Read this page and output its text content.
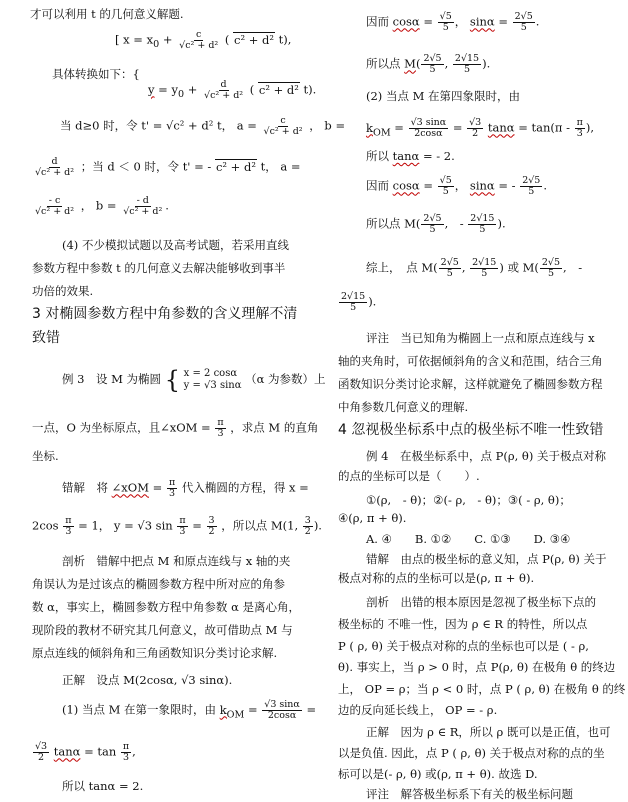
才可以利用 t 的几何意义解题.
[ $x = x_0 + \frac{c}{\text{√c² + d²}}$ ( c² + d² t),
具体转换如下：{
$y = y_0 + \frac{d}{\text{√c² + d²}}$ ( c² + d² t).
当 d≥0 时，令 t' = √c² + d² t， $a = \frac{c}{\text{√c² + d²}}$ ， b =
$\frac{d}{\text{√c² + d²}}$ ；当 d ＜ 0 时，令 t' = - c² + d² t， a =
$\frac{- c}{\text{√c² + d²}}$ ， $b = \frac{- d}{\text{√c² + d²}}$ .
(4) 不少模拟试题以及高考试题，若采用直线
参数方程中参数 t 的几何意义去解决能够收到事半
功倍的效果.
3 对椭圆参数方程中角参数的含义理解不清
致错
例 3　设 M 为椭圆 { x = 2 cosα
y = √3 sinα （α 为参数）上
一点，O 为坐标原点，且∠xOM = $\frac{\pi}{3}$ ，求点 M 的直角
坐标.
错解　将 ∠xOM = $\frac{\pi}{3}$ 代入椭圆的方程，得 x =
$2\cos \frac{\pi}{3} = 1$， y = √3 $\sin \frac{\pi}{3} = \frac{3}{2}$ ，所以点 M(1, $\frac{3}{2}$ ).
剖析　错解中把点 M 和原点连线与 x 轴的夹
角误认为是过该点的椭圆参数方程中所对应的角参
数 α，事实上，椭圆参数方程中角参数 α 是离心角，
现阶段的教材不研究其几何意义，故可借助点 M 与
原点连线的倾斜角和三角函数知识分类讨论求解.
正解　设点 M(2cosα, √3 sinα).
(1) 当点 M 在第一象限时，由 $k_{OM} = \frac{√3 \sin\alpha}{2\cos\alpha}$ =
$\frac{√3}{2}$ $\tan\alpha = \tan \frac{\pi}{3}$ ,
所以 tanα = 2.
因而 $\cos\alpha = \frac{√5}{5}$ ， $\sin\alpha = \frac{2√5}{5}$ .
所以点 $M( \frac{2√5}{5}$ , $\frac{2√15}{5}$ ).
(2) 当点 M 在第四象限时，由
$k_{OM} = \frac{√3 \sin\alpha}{2\cos\alpha} = \frac{√3}{2}$ $\tan\alpha = \tan(\pi - \frac{\pi}{3}$ ),
所以 tanα = - 2.
因而 $\cos\alpha = \frac{√5}{5}$ ， sinα = - $\frac{2√5}{5}$ .
所以点 $M( \frac{2√5}{5}$ ,　- $\frac{2√15}{5}$ ).
综上，　点 $M( \frac{2√5}{5}$ , $\frac{2√15}{5}$ ) 或 $M( \frac{2√5}{5}$ ,　-
$\frac{2√15}{5}$ ).
评注　当已知角为椭圆上一点和原点连线与 x
轴的夹角时，可依据倾斜角的含义和范围，结合三角
函数知识分类讨论求解，这样就避免了椭圆参数方程
中角参数几何意义的理解.
4 忽视极坐标系中点的极坐标不唯一性致错
例 4　在极坐标系中，点 P(ρ, θ) 关于极点对称
的点的坐标可以是（　　）.
①(ρ,　- θ)；②(- ρ,　- θ)；③( - ρ, θ)；
④(ρ, π + θ).
A. ④　　B. ①②　　C. ①③　　D. ③④
错解　由点的极坐标的意义知，点 P(ρ, θ) 关于
极点对称的点的坐标可以是(ρ, π + θ).
剖析　出错的根本原因是忽视了极坐标下点的
极坐标的 不唯一性，因为 ρ ∈ R 的特性，所以点
P ( ρ, θ) 关于极点对称的点的坐标也可以是 ( - ρ,
θ). 事实上，当 ρ > 0 时，点 P(ρ, θ) 在极角 θ 的终边
上， OP = ρ；当 ρ < 0 时，点 P ( ρ, θ) 在极角 θ 的终
边的反向延长线上， OP = - ρ.
正解　因为 ρ ∈ R，所以 ρ 既可以是正值，也可
以是负值. 因此，点 P ( ρ, θ) 关于极点对称的点的坐
标可以是(- ρ, θ) 或(ρ, π + θ). 故选 D.
评注　解答极坐标系下有关的极坐标问题
